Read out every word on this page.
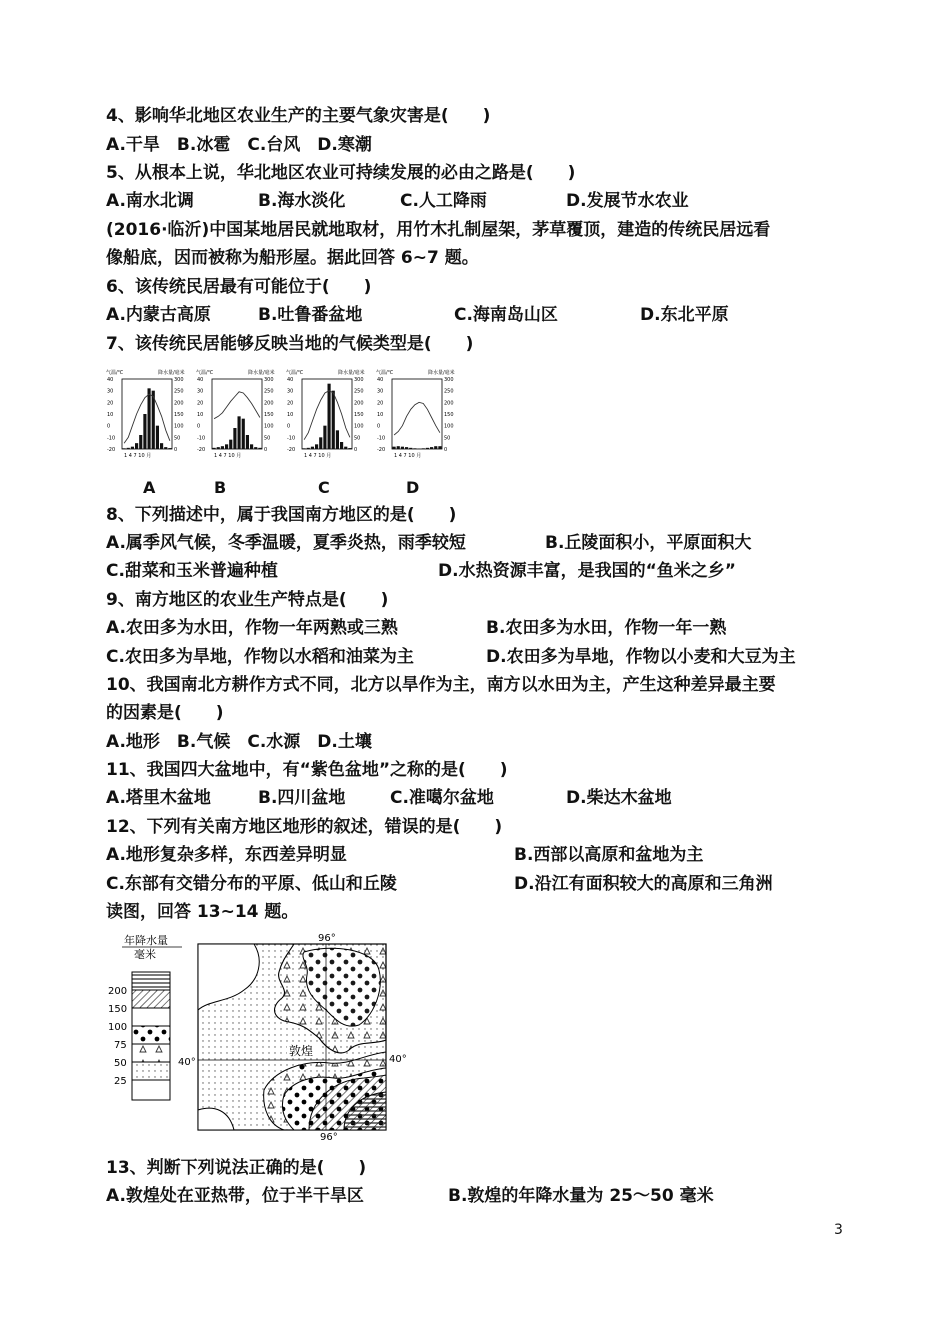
4、影响华北地区农业生产的主要气象灾害是(　　)
A.干旱　B.冰雹　C.台风　D.寒潮
5、从根本上说，华北地区农业可持续发展的必由之路是(　　)
A.南水北调	B.海水淡化	C.人工降雨	D.发展节水农业
(2016·临沂)中国某地居民就地取材，用竹木扎制屋架，茅草覆顶，建造的传统民居远看
像船底，因而被称为船形屋。据此回答 6~7 题。
6、该传统民居最有可能位于(　　)
A.内蒙古高原	B.吐鲁番盆地	C.海南岛山区	D.东北平原
7、该传统民居能够反映当地的气候类型是(　　)
气温/℃	降水量/毫米
40	300
30	250
20	200
10	150
0	100
-10	50
-20	0
1 4 7 10 月
气温/℃	降水量/毫米
40	300
30	250
20	200
10	150
0	100
-10	50
-20	0
1 4 7 10 月
气温/℃	降水量/毫米
40	300
30	250
20	200
10	150
0	100
-10	50
-20	0
1 4 7 10 月
气温/℃	降水量/毫米
40	300
30	250
20	200
10	150
0	100
-10	50
-20	0
1 4 7 10 月
A	B	C	D
8、下列描述中，属于我国南方地区的是(　　)
A.属季风气候，冬季温暖，夏季炎热，雨季较短	B.丘陵面积小，平原面积大
C.甜菜和玉米普遍种植	D.水热资源丰富，是我国的“鱼米之乡”
9、南方地区的农业生产特点是(　　)
A.农田多为水田，作物一年两熟或三熟	B.农田多为水田，作物一年一熟
C.农田多为旱地，作物以水稻和油菜为主	D.农田多为旱地，作物以小麦和大豆为主
10、我国南北方耕作方式不同，北方以旱作为主，南方以水田为主，产生这种差异最主要
的因素是(　　)
A.地形　B.气候　C.水源　D.土壤
11、我国四大盆地中，有“紫色盆地”之称的是(　　)
A.塔里木盆地	B.四川盆地	C.准噶尔盆地	D.柴达木盆地
12、下列有关南方地区地形的叙述，错误的是(　　)
A.地形复杂多样，东西差异明显	B.西部以高原和盆地为主
C.东部有交错分布的平原、低山和丘陵	D.沿江有面积较大的高原和三角洲
读图，回答 13~14 题。
年降水量
毫米
200
150
100
75
50
25
敦煌
40°	40°
96°
96°
13、判断下列说法正确的是(　　)
A.敦煌处在亚热带，位于半干旱区	B.敦煌的年降水量为 25～50 毫米
3
